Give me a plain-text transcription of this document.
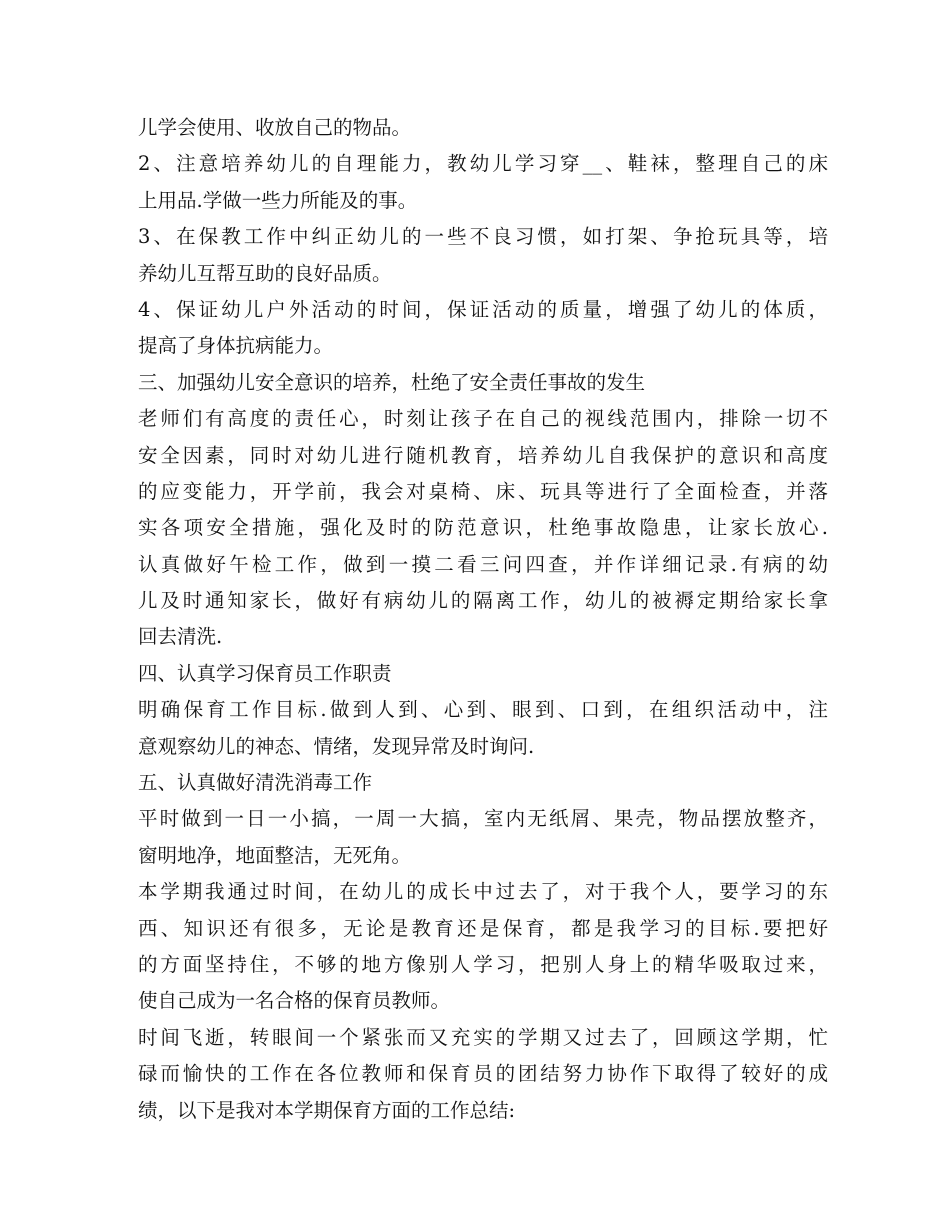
儿学会使用、收放自己的物品。
2、注意培养幼儿的自理能力，教幼儿学习穿__、鞋袜，整理自己的床
上用品.学做一些力所能及的事。
3、在保教工作中纠正幼儿的一些不良习惯，如打架、争抢玩具等，培
养幼儿互帮互助的良好品质。
4、保证幼儿户外活动的时间，保证活动的质量，增强了幼儿的体质，
提高了身体抗病能力。
三、加强幼儿安全意识的培养，杜绝了安全责任事故的发生
老师们有高度的责任心，时刻让孩子在自己的视线范围内，排除一切不
安全因素，同时对幼儿进行随机教育，培养幼儿自我保护的意识和高度
的应变能力，开学前，我会对桌椅、床、玩具等进行了全面检查，并落
实各项安全措施，强化及时的防范意识，杜绝事故隐患，让家长放心.
认真做好午检工作，做到一摸二看三问四查，并作详细记录.有病的幼
儿及时通知家长，做好有病幼儿的隔离工作，幼儿的被褥定期给家长拿
回去清洗.
四、认真学习保育员工作职责
明确保育工作目标.做到人到、心到、眼到、口到，在组织活动中，注
意观察幼儿的神态、情绪，发现异常及时询问.
五、认真做好清洗消毒工作
平时做到一日一小搞，一周一大搞，室内无纸屑、果壳，物品摆放整齐，
窗明地净，地面整洁，无死角。
本学期我通过时间，在幼儿的成长中过去了，对于我个人，要学习的东
西、知识还有很多，无论是教育还是保育，都是我学习的目标.要把好
的方面坚持住，不够的地方像别人学习，把别人身上的精华吸取过来，
使自己成为一名合格的保育员教师。
时间飞逝，转眼间一个紧张而又充实的学期又过去了，回顾这学期，忙
碌而愉快的工作在各位教师和保育员的团结努力协作下取得了较好的成
绩，以下是我对本学期保育方面的工作总结:
